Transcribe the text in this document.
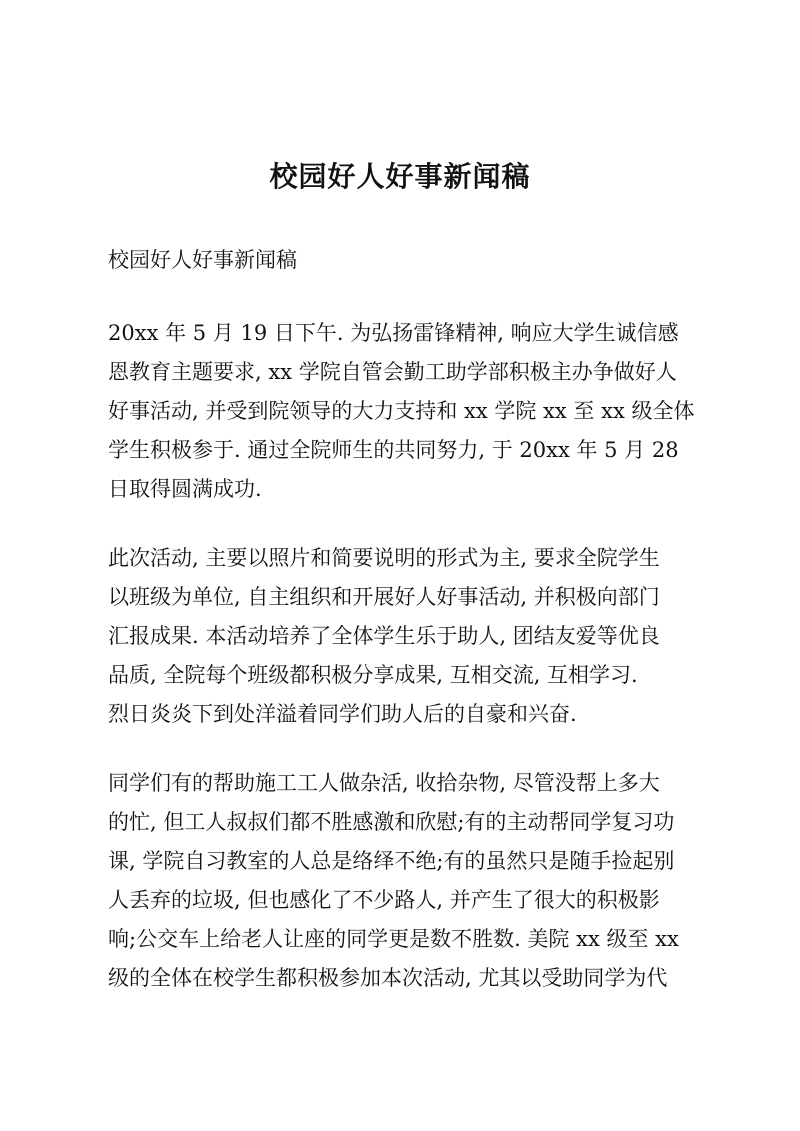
校园好人好事新闻稿

校园好人好事新闻稿

20xx 年 5 月 19 日下午. 为弘扬雷锋精神, 响应大学生诚信感
恩教育主题要求, xx 学院自管会勤工助学部积极主办争做好人
好事活动, 并受到院领导的大力支持和 xx 学院 xx 至 xx 级全体
学生积极参于. 通过全院师生的共同努力, 于 20xx 年 5 月 28
日取得圆满成功.

此次活动, 主要以照片和简要说明的形式为主, 要求全院学生
以班级为单位, 自主组织和开展好人好事活动, 并积极向部门
汇报成果. 本活动培养了全体学生乐于助人, 团结友爱等优良
品质, 全院每个班级都积极分享成果, 互相交流, 互相学习.
烈日炎炎下到处洋溢着同学们助人后的自豪和兴奋.

同学们有的帮助施工工人做杂活, 收拾杂物, 尽管没帮上多大
的忙, 但工人叔叔们都不胜感激和欣慰;有的主动帮同学复习功
课, 学院自习教室的人总是络绎不绝;有的虽然只是随手捡起别
人丢弃的垃圾, 但也感化了不少路人, 并产生了很大的积极影
响;公交车上给老人让座的同学更是数不胜数. 美院 xx 级至 xx
级的全体在校学生都积极参加本次活动, 尤其以受助同学为代
